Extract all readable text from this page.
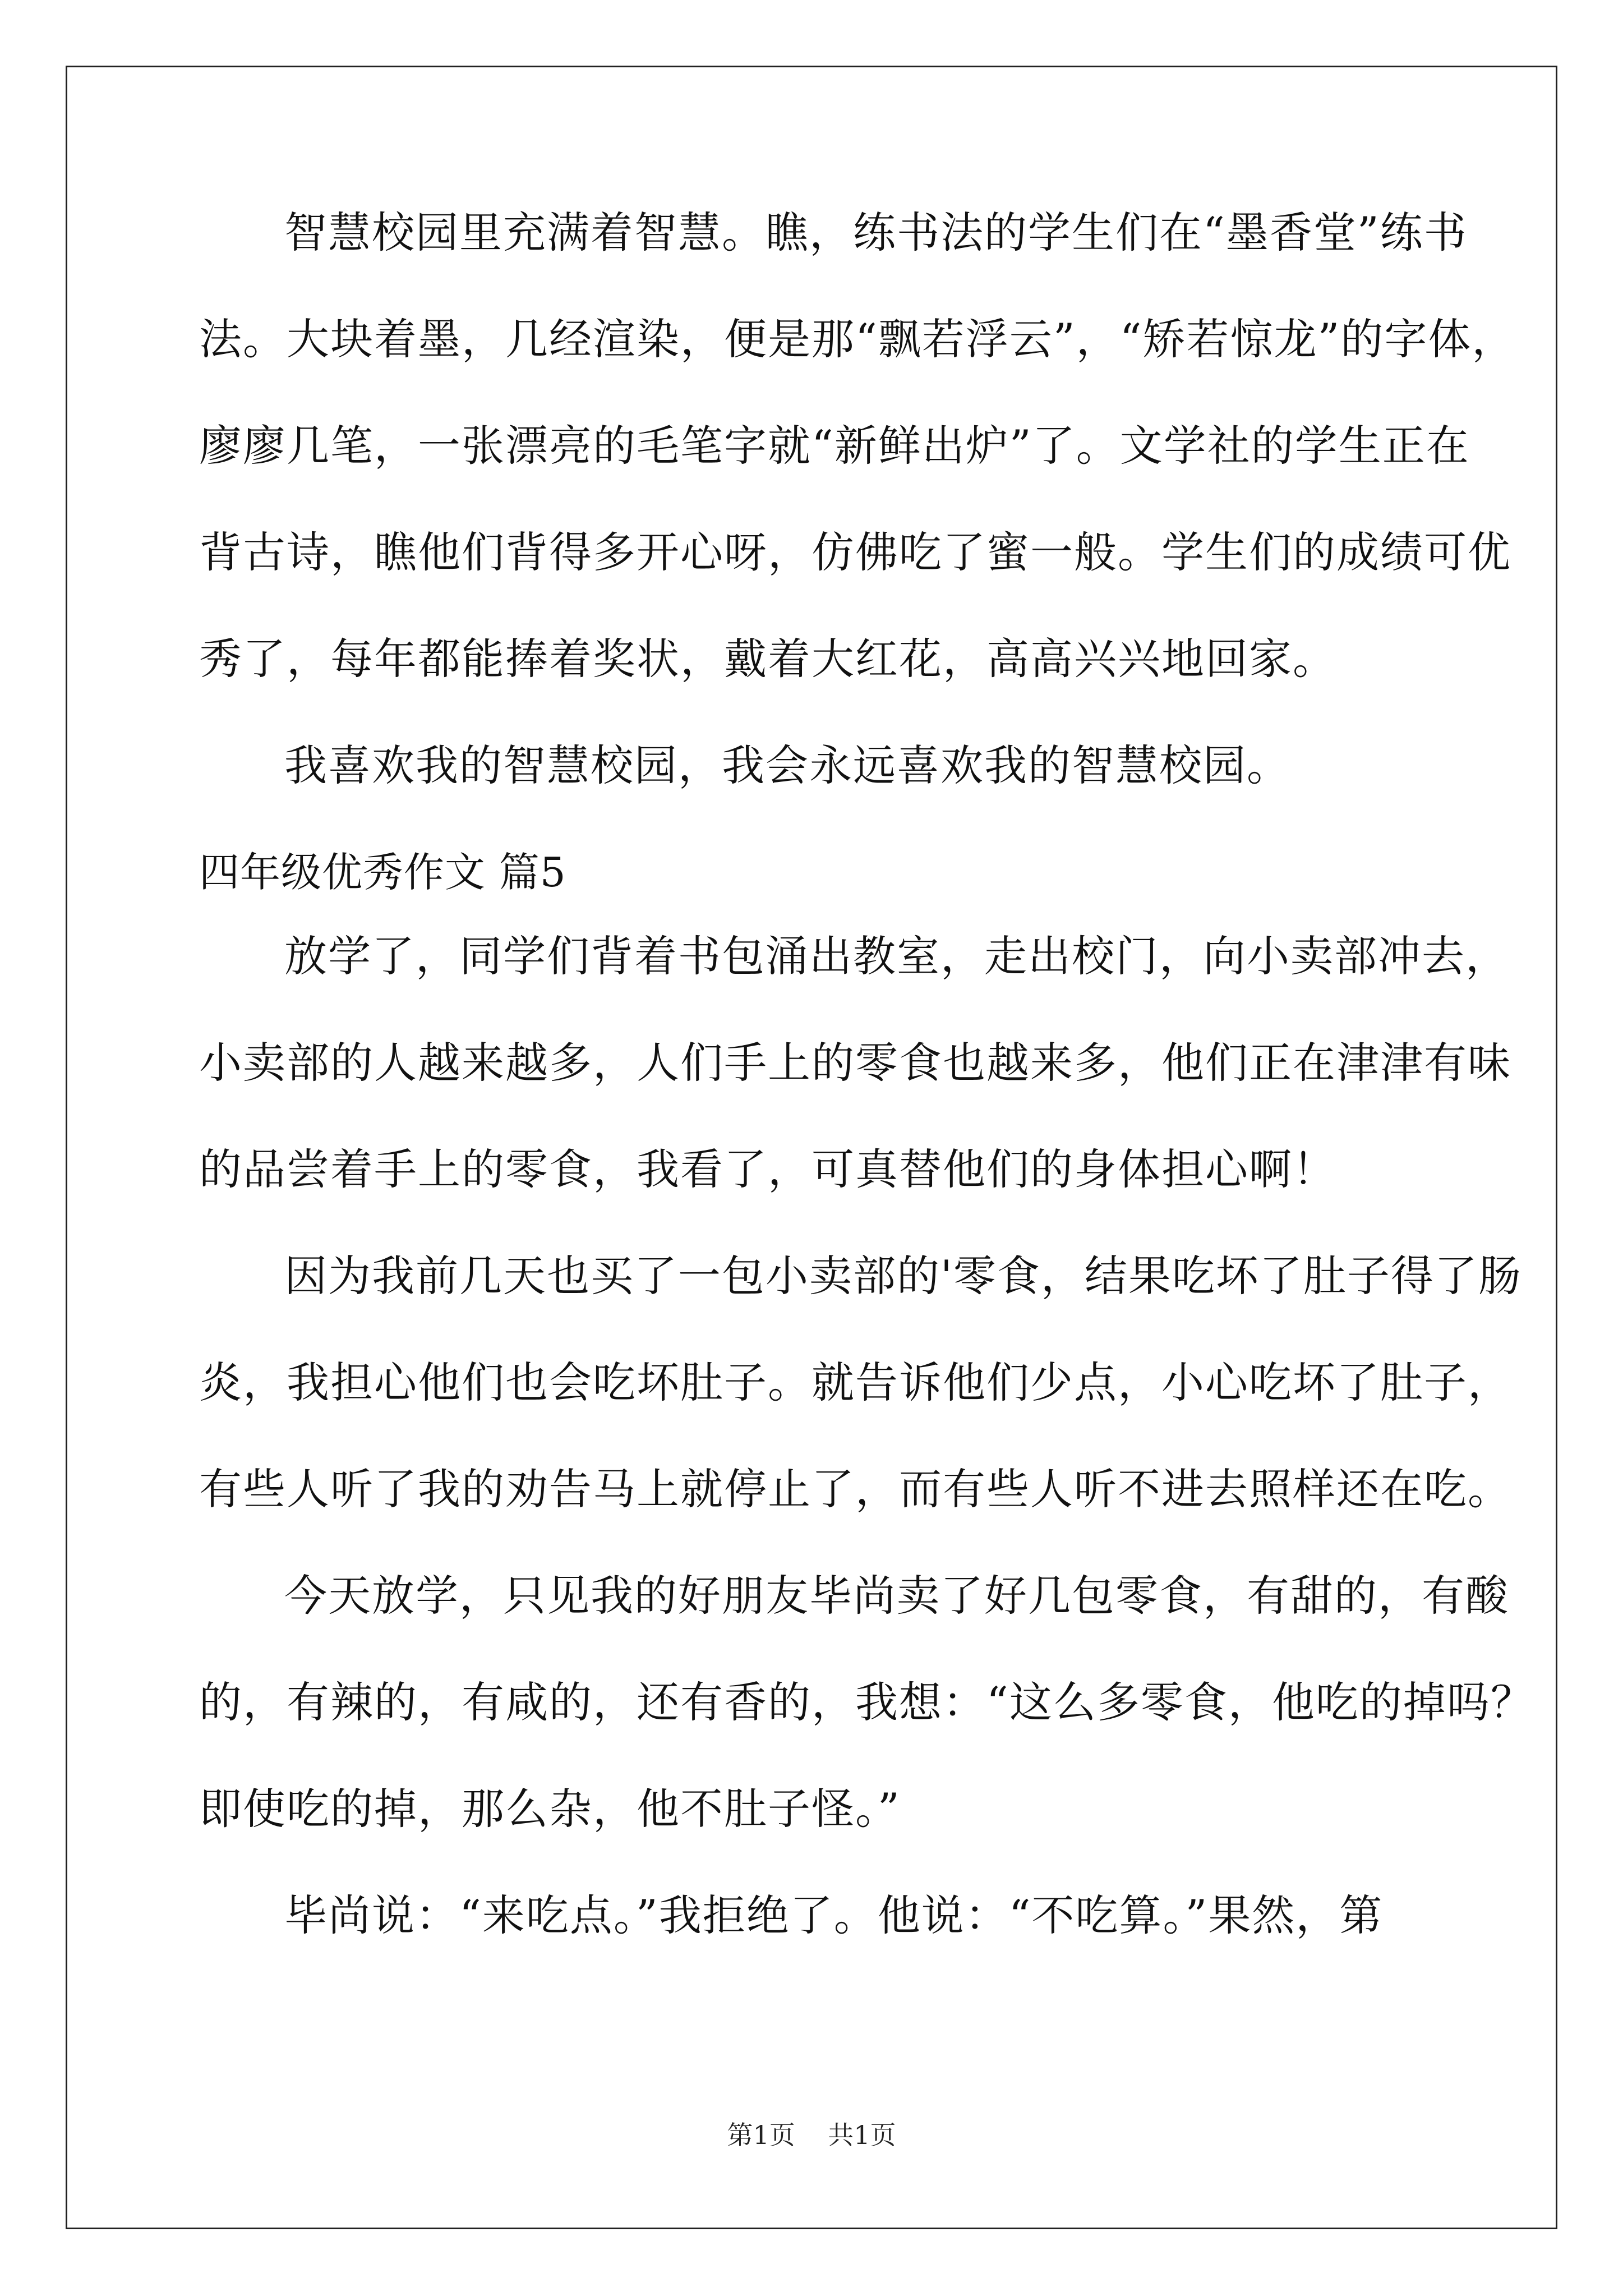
智慧校园里充满着智慧。瞧，练书法的学生们在“墨香堂”练书
法。大块着墨，几经渲染，便是那“飘若浮云”，“矫若惊龙”的字体，
廖廖几笔，一张漂亮的毛笔字就“新鲜出炉”了。文学社的学生正在
背古诗，瞧他们背得多开心呀，仿佛吃了蜜一般。学生们的成绩可优
秀了，每年都能捧着奖状，戴着大红花，高高兴兴地回家。
我喜欢我的智慧校园，我会永远喜欢我的智慧校园。
四年级优秀作文 篇5
放学了，同学们背着书包涌出教室，走出校门，向小卖部冲去，
小卖部的人越来越多，人们手上的零食也越来多，他们正在津津有味
的品尝着手上的零食，我看了，可真替他们的身体担心啊！
因为我前几天也买了一包小卖部的'零食，结果吃坏了肚子得了肠
炎，我担心他们也会吃坏肚子。就告诉他们少点，小心吃坏了肚子，
有些人听了我的劝告马上就停止了，而有些人听不进去照样还在吃。
今天放学，只见我的好朋友毕尚卖了好几包零食，有甜的，有酸
的，有辣的，有咸的，还有香的，我想：“这么多零食，他吃的掉吗？
即使吃的掉，那么杂，他不肚子怪。”
毕尚说：“来吃点。”我拒绝了。他说：“不吃算。”果然，第
第1页    共1页
